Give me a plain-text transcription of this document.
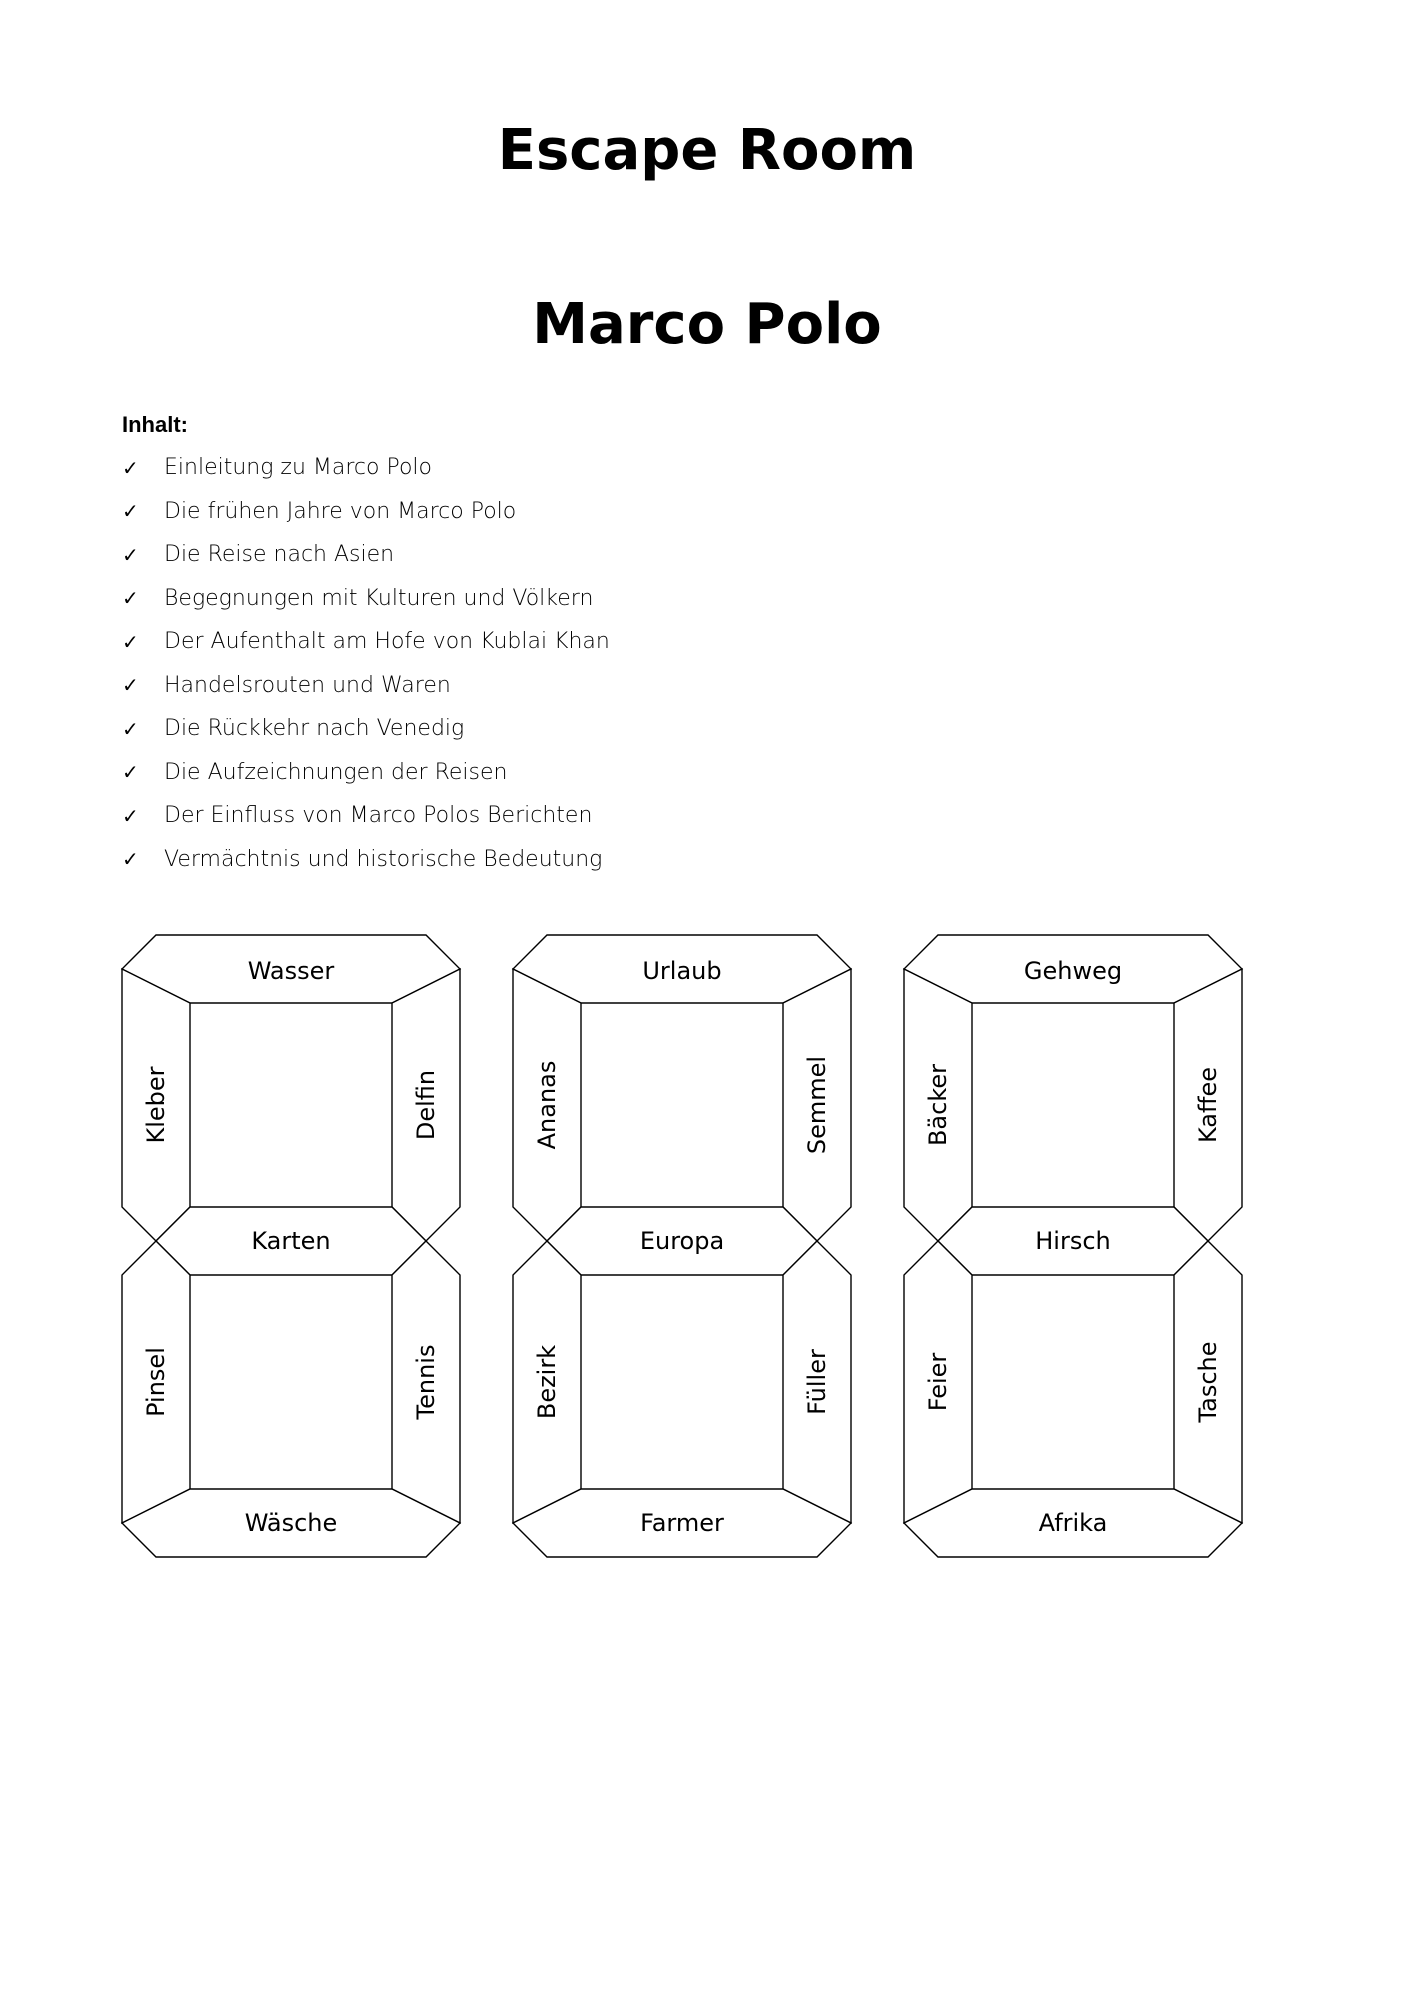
Escape Room
Marco Polo
Inhalt:
✓	Einleitung zu Marco Polo
✓	Die frühen Jahre von Marco Polo
✓	Die Reise nach Asien
✓	Begegnungen mit Kulturen und Völkern
✓	Der Aufenthalt am Hofe von Kublai Khan
✓	Handelsrouten und Waren
✓	Die Rückkehr nach Venedig
✓	Die Aufzeichnungen der Reisen
✓	Der Einfluss von Marco Polos Berichten
✓	Vermächtnis und historische Bedeutung
Wasser
Kleber	Delfin
Karten
Pinsel	Tennis
Wäsche
Urlaub
Ananas	Semmel
Europa
Bezirk	Füller
Farmer
Gehweg
Bäcker	Kaffee
Hirsch
Feier	Tasche
Afrika
